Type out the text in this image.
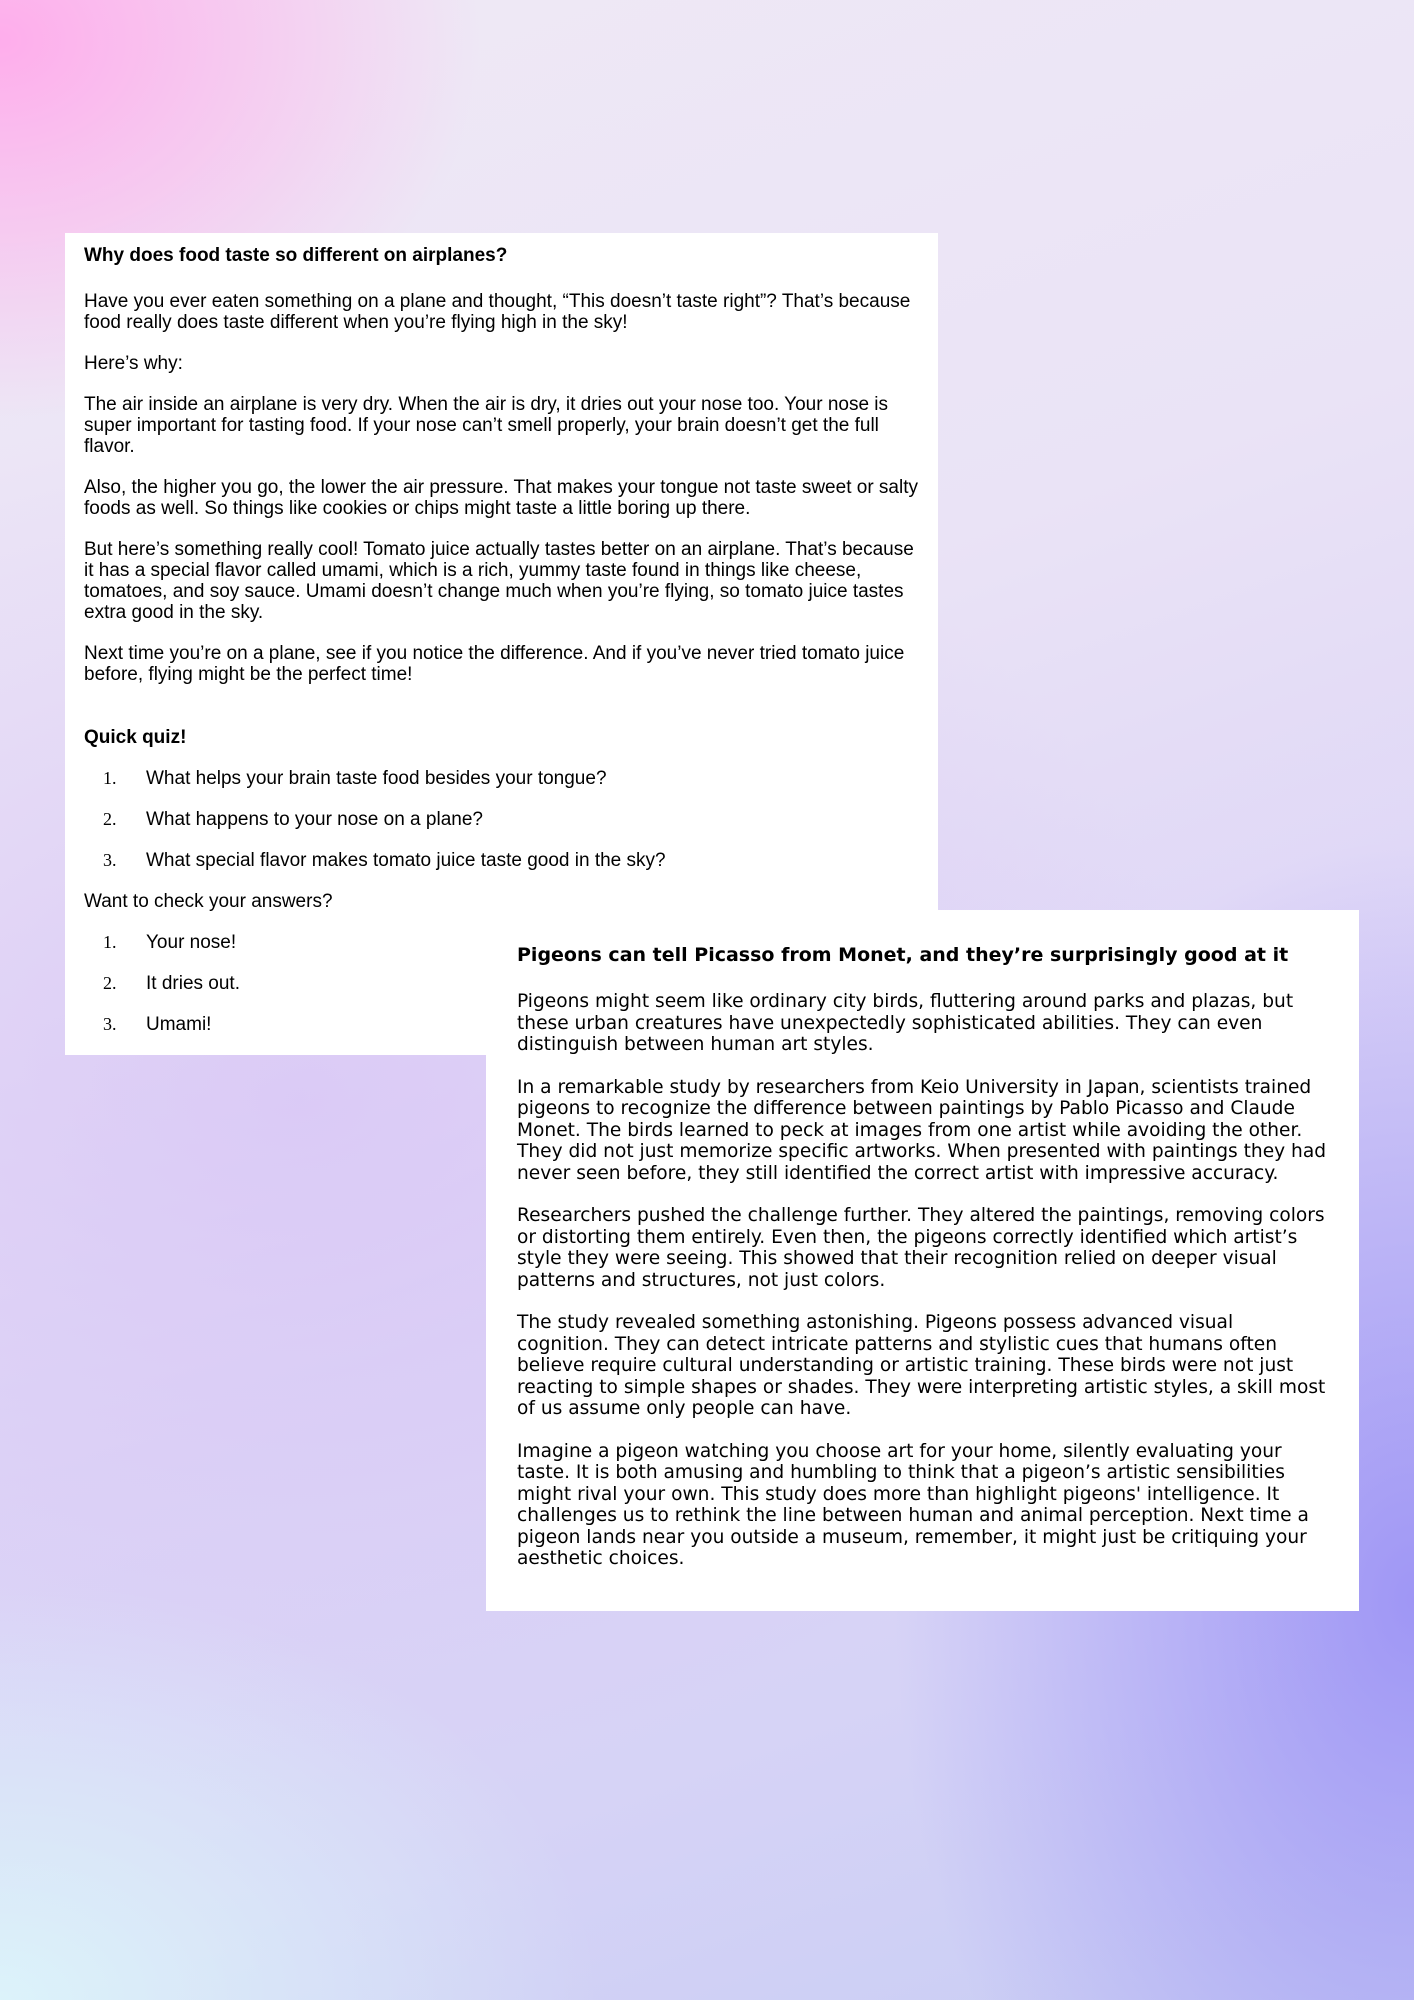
Why does food taste so different on airplanes?

Have you ever eaten something on a plane and thought, “This doesn’t taste right”? That’s because food really does taste different when you’re flying high in the sky!

Here’s why:

The air inside an airplane is very dry. When the air is dry, it dries out your nose too. Your nose is super important for tasting food. If your nose can’t smell properly, your brain doesn’t get the full flavor.

Also, the higher you go, the lower the air pressure. That makes your tongue not taste sweet or salty foods as well. So things like cookies or chips might taste a little boring up there.

But here’s something really cool! Tomato juice actually tastes better on an airplane. That’s because it has a special flavor called umami, which is a rich, yummy taste found in things like cheese, tomatoes, and soy sauce. Umami doesn’t change much when you’re flying, so tomato juice tastes extra good in the sky.

Next time you’re on a plane, see if you notice the difference. And if you’ve never tried tomato juice before, flying might be the perfect time!

Quick quiz!
1.	What helps your brain taste food besides your tongue?
2.	What happens to your nose on a plane?
3.	What special flavor makes tomato juice taste good in the sky?
Want to check your answers?
1.	Your nose!
2.	It dries out.
3.	Umami!
Pigeons can tell Picasso from Monet, and they’re surprisingly good at it

Pigeons might seem like ordinary city birds, fluttering around parks and plazas, but these urban creatures have unexpectedly sophisticated abilities. They can even distinguish between human art styles.

In a remarkable study by researchers from Keio University in Japan, scientists trained pigeons to recognize the difference between paintings by Pablo Picasso and Claude Monet. The birds learned to peck at images from one artist while avoiding the other. They did not just memorize specific artworks. When presented with paintings they had never seen before, they still identified the correct artist with impressive accuracy.

Researchers pushed the challenge further. They altered the paintings, removing colors or distorting them entirely. Even then, the pigeons correctly identified which artist’s style they were seeing. This showed that their recognition relied on deeper visual patterns and structures, not just colors.

The study revealed something astonishing. Pigeons possess advanced visual cognition. They can detect intricate patterns and stylistic cues that humans often believe require cultural understanding or artistic training. These birds were not just reacting to simple shapes or shades. They were interpreting artistic styles, a skill most of us assume only people can have.

Imagine a pigeon watching you choose art for your home, silently evaluating your taste. It is both amusing and humbling to think that a pigeon’s artistic sensibilities might rival your own. This study does more than highlight pigeons' intelligence. It challenges us to rethink the line between human and animal perception. Next time a pigeon lands near you outside a museum, remember, it might just be critiquing your aesthetic choices.
